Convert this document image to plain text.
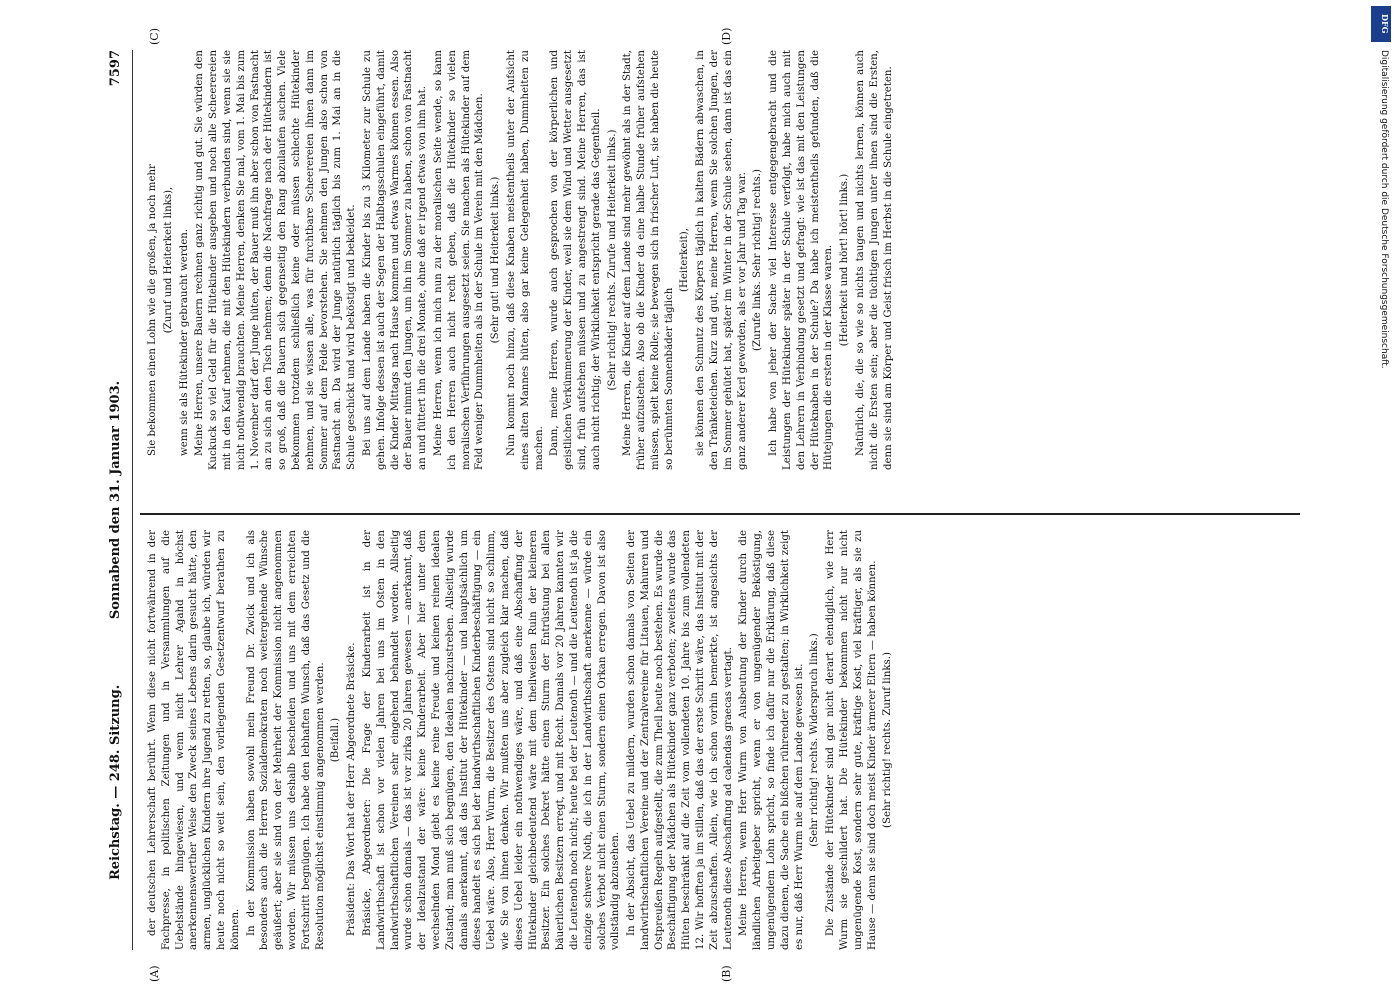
Reichstag. — 248. Sitzung.
Sonnabend den 31. Januar 1903.
7597
(A)	(B)
(C)	(D)

der deutschen Lehrerschaft berührt. Wenn diese nicht fortwährend in der Fachpresse, in politischen Zeitungen und in Versammlungen auf die Uebelstände hingewiesen, und wenn nicht Lehrer Agahd in höchst anerkennenswerther Weise den Zweck seines Lebens darin gesucht hätte, den armen, unglücklichen Kindern ihre Jugend zu retten, so, glaube ich, würden wir heute noch nicht so weit sein, den vorliegenden Gesetzentwurf berathen zu können. In der Kommission haben sowohl mein Freund Dr. Zwick und ich als besonders auch die Herren Sozialdemokraten noch weitergehende Wünsche geäußert; aber sie sind von der Mehrheit der Kommission nicht angenommen worden. Wir müssen uns deshalb bescheiden und uns mit dem erreichten Fortschritt begnügen. Ich habe den lebhaften Wunsch, daß das Gesetz und die Resolution möglichst einstimmig angenommen werden. (Beifall.) Präsident: Das Wort hat der Herr Abgeordnete Bräsicke. Bräsicke, Abgeordneter: Die Frage der Kinderarbeit ist in der Landwirthschaft ist schon vor vielen Jahren bei uns im Osten in den landwirthschaftlichen Vereinen sehr eingehend behandelt worden. Allseitig wurde schon damals — das ist vor zirka 20 Jahren gewesen — anerkannt, daß der Idealzustand der wäre: keine Kinderarbeit. Aber hier unter dem wechselnden Mond giebt es keine reine Freude und keinen reinen idealen Zustand; man muß sich begnügen, den Idealen nachzustreben. Allseitig wurde damals anerkannt, daß das Institut der Hütekinder — und hauptsächlich um dieses handelt es sich bei der landwirthschaftlichen Kinderbeschäftigung — ein Uebel wäre. Also, Herr Wurm, die Besitzer des Ostens sind nicht so schlimm, wie Sie von ihnen denken. Wir mußten uns aber zugleich klar machen, daß dieses Uebel leider ein nothwendiges wäre, und daß eine Abschaffung der Hütekinder gleichbedeutend wäre mit dem theilweisen Ruin der kleineren Besitzer. Ein solches Dekret hätte einen Sturm der Entrüstung bei allen bäuerlichen Besitzern erregt, und mit Recht. Damals vor 20 Jahren kannten wir die Leutenoth noch nicht; heute bei der Leutenoth — und die Leutenoth ist ja die einzige schwere Noth, die ich in der Landwirthschaft anerkenne — würde ein solches Verbot nicht einen Sturm, sondern einen Orkan erregen. Davon ist also vollständig abzusehen. In der Absicht, das Uebel zu mildern, wurden schon damals von Seiten der landwirthschaftlichen Vereine und der Zentralvereine für Litauen, Mahuren und Ostpreußen Regeln aufgestellt, die zum Theil heute noch bestehen. Es wurde die Beschäftigung der Mädchen als Hütekinder ganz verboten; zweitens wurde das Hüten beschränkt auf die Zeit vom vollendeten 10. Jahre bis zum vollendeten 12. Wir hofften ja im stillen, daß das der erste Schritt wäre, das Institut mit der Zeit abzuschaffen. Allein, wie ich schon vorhin bemerkte, ist angesichts der Leutenoth diese Abschaffung ad calendas graecas vertagt. Meine Herren, wenn Herr Wurm von Ausbeutung der Kinder durch die ländlichen Arbeitgeber spricht, wenn er von ungenügender Beköstigung, ungenügendem Lohn spricht, so finde ich dafür nur die Erklärung, daß diese dazu dienen, die Sache ein bißchen rührender zu gestalten; in Wirklichkeit zeigt es nur, daß Herr Wurm nie auf dem Lande gewesen ist. (Sehr richtig! rechts. Widerspruch links.) Die Zustände der Hütekinder sind gar nicht derart elendiglich, wie Herr Wurm sie geschildert hat. Die Hütekinder bekommen nicht nur nicht ungenügende Kost, sondern sehr gute, kräftige Kost, viel kräftiger, als sie zu Hause — denn sie sind doch meist Kinder ärmerer Eltern — haben können. (Sehr richtig! rechts. Zuruf links.)

Sie bekommen einen Lohn wie die großen, ja noch mehr (Zuruf und Heiterkeit links), wenn sie als Hütekinder gebraucht werden. Meine Herren, unsere Bauern rechnen ganz richtig und gut. Sie würden den Kuckuck so viel Geld für die Hütekinder ausgeben und noch alle Scheerereien mit in den Kauf nehmen, die mit den Hütekindern verbunden sind, wenn sie sie nicht nothwendig brauchten. Meine Herren, denken Sie mal, vom 1. Mai bis zum 1. November darf der Junge hüten, der Bauer muß ihn aber schon von Fastnacht an zu sich an den Tisch nehmen; denn die Nachfrage nach der Hütekindern ist so groß, daß die Bauern sich gegenseitig den Rang abzulaufen suchen. Viele bekommen trotzdem schließlich keine oder müssen schlechte Hütekinder nehmen, und sie wissen alle, was für furchtbare Scheerereien ihnen dann im Sommer auf dem Felde bevorstehen. Sie nehmen den Jungen also schon von Fastnacht an. Da wird der Junge natürlich täglich bis zum 1. Mai an in die Schule geschickt und wird beköstigt und bekleidet. Bei uns auf dem Lande haben die Kinder bis zu 3 Kilometer zur Schule zu gehen. Infolge dessen ist auch der Segen der Halbtagsschulen eingeführt, damit die Kinder Mittags nach Hause kommen und etwas Warmes können essen. Also der Bauer nimmt den Jungen, um ihn im Sommer zu haben, schon von Fastnacht an und füttert ihn die drei Monate, ohne daß er irgend etwas von ihm hat. Meine Herren, wenn ich mich nun zu der moralischen Seite wende, so kann ich den Herren auch nicht recht geben, daß die Hütekinder so vielen moralischen Verführungen ausgesetzt seien. Sie machen als Hütekinder auf dem Feld weniger Dummheiten als in der Schule im Verein mit den Mädchen. (Sehr gut! und Heiterkeit links.) Nun kommt noch hinzu, daß diese Knaben meistentheils unter der Aufsicht eines alten Mannes hüten, also gar keine Gelegenheit haben, Dummheiten zu machen. Dann, meine Herren, wurde auch gesprochen von der körperlichen und geistlichen Verkümmerung der Kinder, weil sie dem Wind und Wetter ausgesetzt sind, früh aufstehen müssen und zu angestrengt sind. Meine Herren, das ist auch nicht richtig; der Wirklichkeit entspricht gerade das Gegentheil. (Sehr richtig! rechts. Zurufe und Heiterkeit links.) Meine Herren, die Kinder auf dem Lande sind mehr gewöhnt als in der Stadt, früher aufzustehen. Also ob die Kinder da eine halbe Stunde früher aufstehen müssen, spielt keine Rolle; sie bewegen sich in frischer Luft, sie haben die heute so berühmten Sonnenbäder täglich

(Heiterkeit), sie können den Schmutz des Körpers täglich in kalten Bädern abwaschen, in den Tränketeichen. Kurz und gut, meine Herren, wenn Sie solchen Jungen, der im Sommer gehütet hat, später im Winter in der Schule sehen, dann ist das ein ganz anderer Kerl geworden, als er vor Jahr und Tag war. (Zurufe links. Sehr richtig! rechts.) Ich habe von jeher der Sache viel Interesse entgegengebracht und die Leistungen der Hütekinder später in der Schule verfolgt, habe mich auch mit den Lehrern in Verbindung gesetzt und gefragt: wie ist das mit den Leistungen der Hüteknaben in der Schule? Da habe ich meistentheils gefunden, daß die Hütejungen die ersten in der Klasse waren. (Heiterkeit und hört! hört! links.) Natürlich, die, die so wie so nichts taugen und nichts lernen, können auch nicht die Ersten sein; aber die tüchtigen Jungen unter ihnen sind die Ersten, denn sie sind am Körper und Geist frisch im Herbst in die Schule eingetreten.

DFG
Digitalisierung gefördert durch die Deutsche Forschungsgemeinschaft.
